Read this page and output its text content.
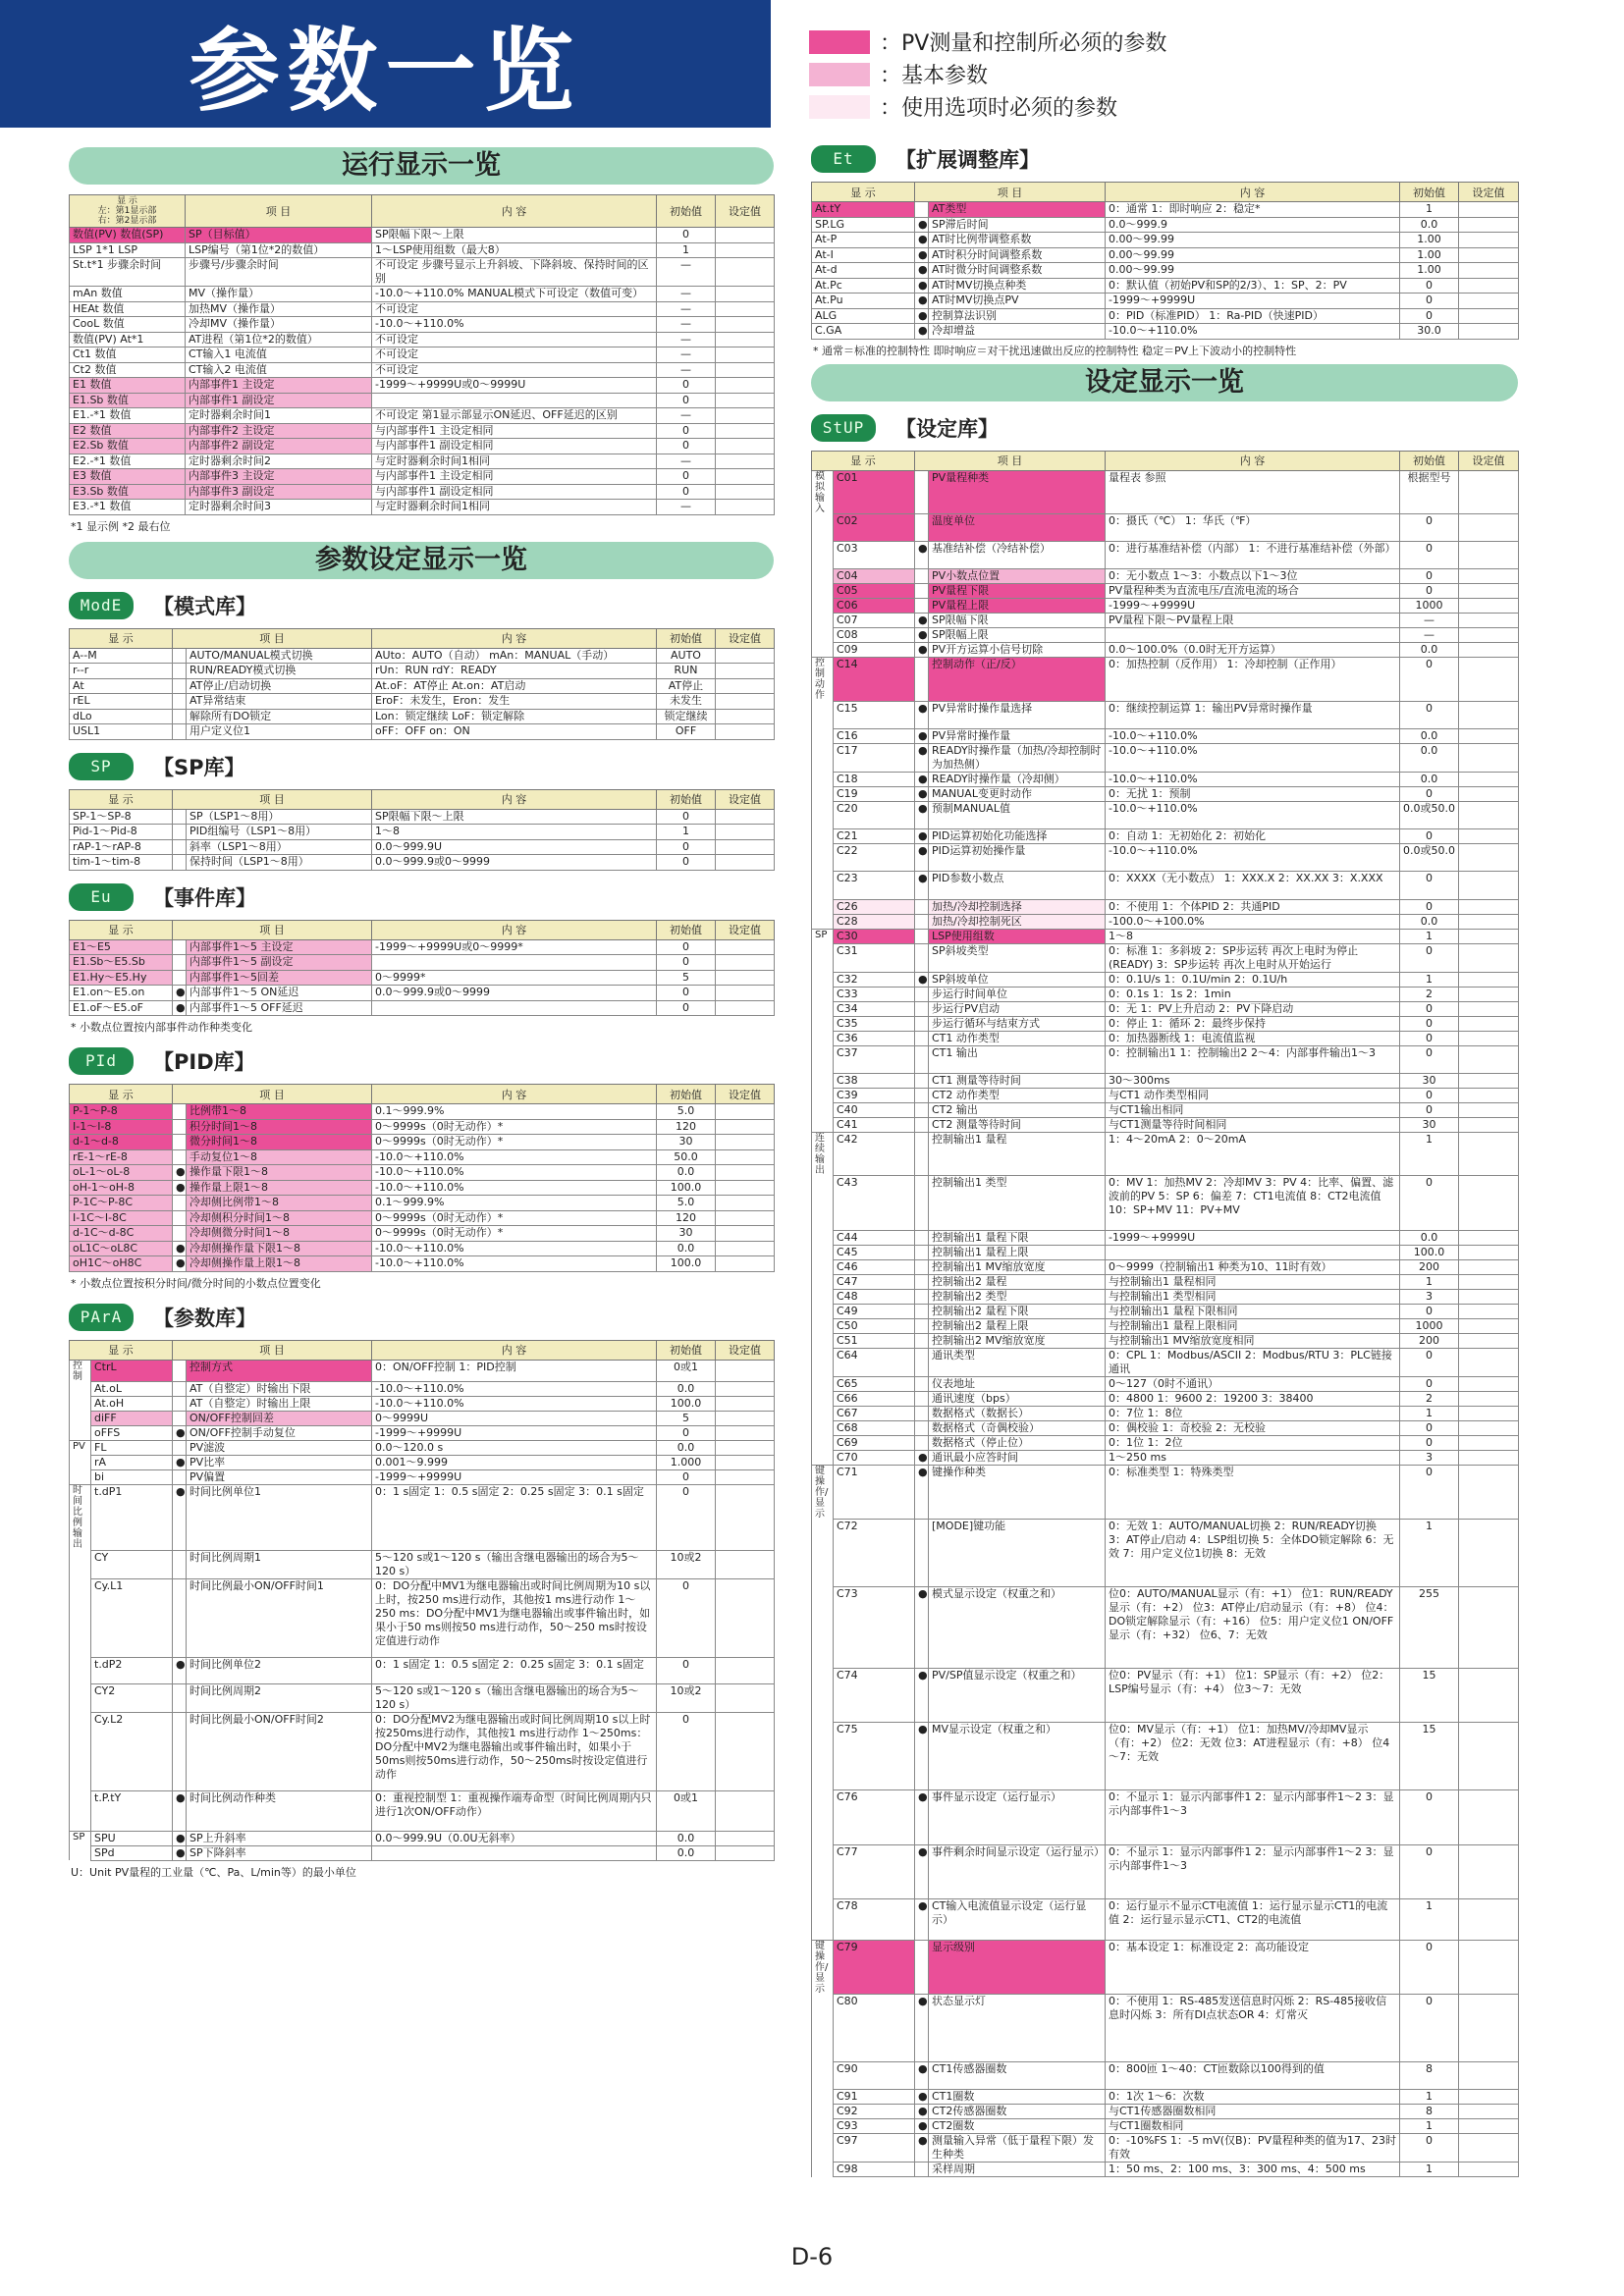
参数一览	：PV测量和控制所必须的参数
：基本参数
：使用选项时必须的参数
运行显示一览
显 示
左：第1显示部
右：第2显示部	项 目	内 容	初始值	设定值
数值(PV) 数值(SP)	SP（目标值）	SP限幅下限～上限	0	
LSP 1*1 LSP	LSP编号（第1位*2的数值）	1～LSP使用组数（最大8）	1	
St.t*1 步骤余时间	步骤号/步骤余时间	不可设定 步骤号显示上升斜坡、下降斜坡、保持时间的区别	—	
mAn 数值	MV（操作量）	-10.0～+110.0% MANUAL模式下可设定（数值可变）	—	
HEAt 数值	加热MV（操作量）	不可设定	—	
CooL 数值	冷却MV（操作量）	-10.0～+110.0%	—	
数值(PV) At*1	AT进程（第1位*2的数值）	不可设定	—	
Ct1 数值	CT输入1 电流值	不可设定	—	
Ct2 数值	CT输入2 电流值	不可设定	—	
E1 数值	内部事件1 主设定	-1999～+9999U或0～9999U	0	
E1.Sb 数值	内部事件1 副设定		0	
E1.-*1 数值	定时器剩余时间1	不可设定 第1显示部显示ON延迟、OFF延迟的区别	—	
E2 数值	内部事件2 主设定	与内部事件1 主设定相同	0	
E2.Sb 数值	内部事件2 副设定	与内部事件1 副设定相同	0	
E2.-*1 数值	定时器剩余时间2	与定时器剩余时间1相同	—	
E3 数值	内部事件3 主设定	与内部事件1 主设定相同	0	
E3.Sb 数值	内部事件3 副设定	与内部事件1 副设定相同	0	
E3.-*1 数值	定时器剩余时间3	与定时器剩余时间1相同	—	
*1 显示例 *2 最右位
参数设定显示一览
ModE	【模式库】
显 示	项 目		内 容	初始值	设定值
A--M		AUTO/MANUAL模式切换	AUto：AUTO（自动） mAn：MANUAL（手动）	AUTO	
r--r		RUN/READY模式切换	rUn：RUN rdY：READY	RUN	
At		AT停止/启动切换	At.oF：AT停止 At.on：AT启动	AT停止	
rEL		AT异常结束	EroF：未发生，Eron：发生	未发生	
dLo		解除所有DO锁定	Lon：锁定继续 LoF：锁定解除	锁定继续	
USL1		用户定义位1	oFF：OFF on：ON	OFF	
SP	【SP库】
显 示	项 目		内 容	初始值	设定值
SP-1～SP-8		SP（LSP1～8用）	SP限幅下限～上限	0	
Pid-1～Pid-8		PID组编号（LSP1～8用）	1～8	1	
rAP-1～rAP-8		斜率（LSP1～8用）	0.0～999.9U	0	
tim-1～tim-8		保持时间（LSP1～8用）	0.0～999.9或0～9999	0	
Eu	【事件库】
显 示	项 目		内 容	初始值	设定值
E1～E5		内部事件1～5 主设定	-1999～+9999U或0～9999*	0	
E1.Sb～E5.Sb		内部事件1～5 副设定		0	
E1.Hy～E5.Hy		内部事件1～5回差	0～9999*	5	
E1.on～E5.on	●	内部事件1～5 ON延迟	0.0～999.9或0～9999	0	
E1.oF～E5.oF	●	内部事件1～5 OFF延迟		0	
* 小数点位置按内部事件动作种类变化
PId	【PID库】
显 示	项 目		内 容	初始值	设定值
P-1～P-8		比例带1～8	0.1～999.9%	5.0	
I-1～I-8		积分时间1～8	0～9999s（0时无动作）*	120	
d-1～d-8		微分时间1～8	0～9999s（0时无动作）*	30	
rE-1～rE-8		手动复位1～8	-10.0～+110.0%	50.0	
oL-1～oL-8	●	操作量下限1～8	-10.0～+110.0%	0.0	
oH-1～oH-8	●	操作量上限1～8	-10.0～+110.0%	100.0	
P-1C～P-8C		冷却侧比例带1～8	0.1～999.9%	5.0	
I-1C～I-8C		冷却侧积分时间1～8	0～9999s（0时无动作）*	120	
d-1C～d-8C		冷却侧微分时间1～8	0～9999s（0时无动作）*	30	
oL1C～oL8C	●	冷却侧操作量下限1～8	-10.0～+110.0%	0.0	
oH1C～oH8C	●	冷却侧操作量上限1～8	-10.0～+110.0%	100.0	
* 小数点位置按积分时间/微分时间的小数点位置变化
PArA	【参数库】
显 示		项 目		内 容	初始值	设定值
控制	CtrL		控制方式	0：ON/OFF控制 1：PID控制	0或1	
	At.oL		AT（自整定）时输出下限	-10.0～+110.0%	0.0	
	At.oH		AT（自整定）时输出上限	-10.0～+110.0%	100.0	
	diFF		ON/OFF控制回差	0～9999U	5	
	oFFS	●	ON/OFF控制手动复位	-1999～+9999U	0	
PV	FL		PV滤波	0.0～120.0 s	0.0	
	rA	●	PV比率	0.001～9.999	1.000	
	bi		PV偏置	-1999～+9999U	0	
时间比例输出	t.dP1	●	时间比例单位1	0：1 s固定 1：0.5 s固定 2：0.25 s固定 3：0.1 s固定	0	
	CY		时间比例周期1	5～120 s或1～120 s（输出含继电器输出的场合为5～120 s）	10或2	
	Cy.L1		时间比例最小ON/OFF时间1	0：DO分配中MV1为继电器输出或时间比例周期为10 s以上时，按250 ms进行动作，其他按1 ms进行动作 1～250 ms：DO分配中MV1为继电器输出或事件输出时，如果小于50 ms则按50 ms进行动作，50～250 ms时按设定值进行动作	0	
	t.dP2	●	时间比例单位2	0：1 s固定 1：0.5 s固定 2：0.25 s固定 3：0.1 s固定	0	
	CY2		时间比例周期2	5～120 s或1～120 s（输出含继电器输出的场合为5～120 s）	10或2	
	Cy.L2		时间比例最小ON/OFF时间2	0：DO分配MV2为继电器输出或时间比例周期10 s以上时按250ms进行动作，其他按1 ms进行动作 1～250ms：DO分配中MV2为继电器输出或事件输出时，如果小于50ms则按50ms进行动作，50～250ms时按设定值进行动作	0	
	t.P.tY	●	时间比例动作种类	0：重视控制型 1：重视操作端寿命型（时间比例周期内只进行1次ON/OFF动作）	0或1	
SP	SPU	●	SP上升斜率	0.0～999.9U（0.0U无斜率）	0.0	
	SPd	●	SP下降斜率		0.0	
U：Unit PV量程的工业量（℃、Pa、L/min等）的最小单位
Et	【扩展调整库】
显 示	项 目		内 容	初始值	设定值
At.tY		AT类型	0：通常 1：即时响应 2：稳定*	1	
SP.LG	●	SP滞后时间	0.0～999.9	0.0	
At-P	●	AT时比例带调整系数	0.00～99.99	1.00	
At-I	●	AT时积分时间调整系数	0.00～99.99	1.00	
At-d	●	AT时微分时间调整系数	0.00～99.99	1.00	
At.Pc	●	AT时MV切换点种类	0：默认值（初始PV和SP的2/3）、1：SP、2：PV	0	
At.Pu	●	AT时MV切换点PV	-1999～+9999U	0	
ALG	●	控制算法识别	0：PID（标准PID） 1：Ra-PID（快速PID）	0	
C.GA	●	冷却增益	-10.0～+110.0%	30.0	
* 通常＝标准的控制特性 即时响应＝对干扰迅速做出反应的控制特性 稳定＝PV上下波动小的控制特性
设定显示一览
StUP	【设定库】
显 示		项 目		内 容	初始值	设定值
模拟输入	C01		PV量程种类	量程表 参照	根据型号	
	C02		温度单位	0：摄氏（℃） 1：华氏（℉）	0	
	C03	●	基准结补偿（冷结补偿）	0：进行基准结补偿（内部） 1：不进行基准结补偿（外部）	0	
	C04		PV小数点位置	0：无小数点 1～3：小数点以下1～3位	0	
	C05		PV量程下限	PV量程种类为直流电压/直流电流的场合	0	
	C06		PV量程上限	-1999～+9999U	1000	
	C07	●	SP限幅下限	PV量程下限～PV量程上限	—	
	C08	●	SP限幅上限		—	
	C09	●	PV开方运算小信号切除	0.0～100.0%（0.0时无开方运算）	0.0	
控制动作	C14		控制动作（正/反）	0：加热控制（反作用） 1：冷却控制（正作用）	0	
	C15	●	PV异常时操作量选择	0：继续控制运算 1：输出PV异常时操作量	0	
	C16	●	PV异常时操作量	-10.0～+110.0%	0.0	
	C17	●	READY时操作量（加热/冷却控制时为加热侧）	-10.0～+110.0%	0.0	
	C18	●	READY时操作量（冷却侧）	-10.0～+110.0%	0.0	
	C19	●	MANUAL变更时动作	0：无扰 1：预制	0	
	C20	●	预制MANUAL值	-10.0～+110.0%	0.0或50.0	
	C21	●	PID运算初始化功能选择	0：自动 1：无初始化 2：初始化	0	
	C22	●	PID运算初始操作量	-10.0～+110.0%	0.0或50.0	
	C23	●	PID参数小数点	0：XXXX（无小数点） 1：XXX.X 2：XX.XX 3：X.XXX	0	
	C26		加热/冷却控制选择	0：不使用 1：个体PID 2：共通PID	0	
	C28		加热/冷却控制死区	-100.0～+100.0%	0.0	
SP	C30		LSP使用组数	1～8	1	
	C31		SP斜坡类型	0：标准 1：多斜坡 2：SP步运转 再次上电时为停止(READY) 3：SP步运转 再次上电时从开始运行	0	
	C32	●	SP斜坡单位	0：0.1U/s 1：0.1U/min 2：0.1U/h	1	
	C33		步运行时间单位	0：0.1s 1：1s 2：1min	2	
	C34		步运行PV启动	0：无 1：PV上升启动 2：PV下降启动	0	
	C35		步运行循环与结束方式	0：停止 1：循环 2：最终步保持	0	
	C36		CT1 动作类型	0：加热器断线 1：电流值监视	0	
	C37		CT1 输出	0：控制输出1 1：控制输出2 2～4：内部事件输出1～3	0	
	C38		CT1 测量等待时间	30～300ms	30	
	C39		CT2 动作类型	与CT1 动作类型相同	0	
	C40		CT2 输出	与CT1输出相同	0	
	C41		CT2 测量等待时间	与CT1测量等待时间相同	30	
连续输出	C42		控制输出1 量程	1：4～20mA 2：0～20mA	1	
	C43		控制输出1 类型	0：MV 1：加热MV 2：冷却MV 3：PV 4：比率、偏置、滤波前的PV 5：SP 6：偏差 7：CT1电流值 8：CT2电流值 10：SP+MV 11：PV+MV	0	
	C44		控制输出1 量程下限	-1999～+9999U	0.0	
	C45		控制输出1 量程上限		100.0	
	C46		控制输出1 MV缩放宽度	0～9999（控制输出1 种类为10、11时有效）	200	
	C47		控制输出2 量程	与控制输出1 量程相同	1	
	C48		控制输出2 类型	与控制输出1 类型相同	3	
	C49		控制输出2 量程下限	与控制输出1 量程下限相同	0	
	C50		控制输出2 量程上限	与控制输出1 量程上限相同	1000	
	C51		控制输出2 MV缩放宽度	与控制输出1 MV缩放宽度相同	200	
	C64		通讯类型	0：CPL 1：Modbus/ASCII 2：Modbus/RTU 3：PLC链接通讯	0	
	C65		仪表地址	0～127（0时不通讯）	0	
	C66		通讯速度（bps）	0：4800 1：9600 2：19200 3：38400	2	
	C67		数据格式（数据长）	0：7位 1：8位	1	
	C68		数据格式（奇偶校验）	0：偶校验 1：奇校验 2：无校验	0	
	C69		数据格式（停止位）	0：1位 1：2位	0	
	C70	●	通讯最小应答时间	1～250 ms	3	
键操作/显示	C71	●	键操作种类	0：标准类型 1：特殊类型	0	
	C72		[MODE]键功能	0：无效 1：AUTO/MANUAL切换 2：RUN/READY切换 3：AT停止/启动 4：LSP组切换 5：全体DO锁定解除 6：无效 7：用户定义位1切换 8：无效	1	
	C73	●	模式显示设定（权重之和）	位0：AUTO/MANUAL显示（有：+1） 位1：RUN/READY显示（有：+2） 位3：AT停止/启动显示（有：+8） 位4：DO锁定解除显示（有：+16） 位5：用户定义位1 ON/OFF显示（有：+32） 位6、7：无效	255	
	C74	●	PV/SP值显示设定（权重之和）	位0：PV显示（有：+1） 位1：SP显示（有：+2） 位2：LSP编号显示（有：+4） 位3～7：无效	15	
	C75	●	MV显示设定（权重之和）	位0：MV显示（有：+1） 位1：加热MV/冷却MV显示（有：+2） 位2：无效 位3：AT进程显示（有：+8） 位4～7：无效	15	
	C76	●	事件显示设定（运行显示）	0：不显示 1：显示内部事件1 2：显示内部事件1～2 3：显示内部事件1～3	0	
	C77	●	事件剩余时间显示设定（运行显示）	0：不显示 1：显示内部事件1 2：显示内部事件1～2 3：显示内部事件1～3	0	
	C78	●	CT输入电流值显示设定（运行显示）	0：运行显示不显示CT电流值 1：运行显示显示CT1的电流值 2：运行显示显示CT1、CT2的电流值	1	
键操作/显示	C79		显示级别	0：基本设定 1：标准设定 2：高功能设定	0	
	C80	●	状态显示灯	0：不使用 1：RS-485发送信息时闪烁 2：RS-485接收信息时闪烁 3：所有DI点状态OR 4：灯常灭	0	
	C90	●	CT1传感器圈数	0：800匝 1～40：CT匝数除以100得到的值	8	
	C91	●	CT1圈数	0：1次 1～6：次数	1	
	C92	●	CT2传感器圈数	与CT1传感器圈数相同	8	
	C93	●	CT2圈数	与CT1圈数相同	1	
	C97	●	测量输入异常（低于量程下限）发生种类	0：-10%FS 1：-5 mV(仅B)：PV量程种类的值为17、23时有效	0	
	C98		采样周期	1：50 ms、2：100 ms、3：300 ms、4：500 ms	1	
D-6
